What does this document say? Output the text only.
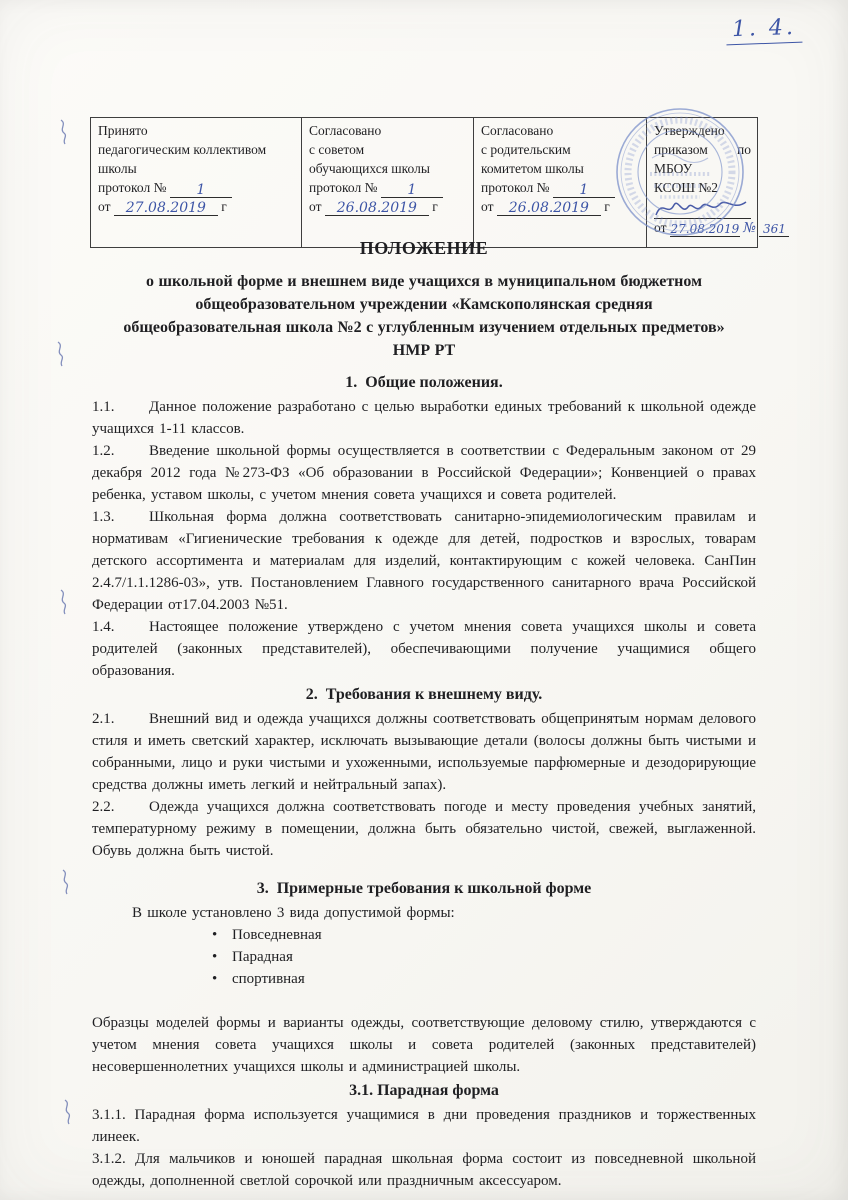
1. 4.
Принято
педагогическим коллективом
школы
протокол № 1
от 27.08.2019 г

Согласовано
с советом
обучающихся школы
протокол № 1
от 26.08.2019 г

Согласовано
с родительским
комитетом школы
протокол № 1
от 26.08.2019 г

Утверждено
приказом по МБОУ
КСОШ №2
от 27.08.2019 № 361
ПОЛОЖЕНИЕ
о школьной форме и внешнем виде учащихся в муниципальном бюджетном общеобразовательном учреждении «Камскополянская средняя общеобразовательная школа №2 с углубленным изучением отдельных предметов» НМР РТ
1.  Общие положения.

1.1. Данное положение разработано с целью выработки единых требований к школьной одежде учащихся 1-11 классов.

1.2. Введение школьной формы осуществляется в соответствии с Федеральным законом от 29 декабря 2012 года №273-ФЗ «Об образовании в Российской Федерации»; Конвенцией о правах ребенка, уставом школы, с учетом мнения совета учащихся и совета родителей.

1.3. Школьная форма должна соответствовать санитарно-эпидемиологическим правилам и нормативам «Гигиенические требования к одежде для детей, подростков и взрослых, товарам детского ассортимента и материалам для изделий, контактирующим с кожей человека. СанПин 2.4.7/1.1.1286-03», утв. Постановлением Главного государственного санитарного врача Российской Федерации от17.04.2003 №51.

1.4. Настоящее положение утверждено с учетом мнения совета учащихся школы и совета родителей (законных представителей), обеспечивающими получение учащимися общего образования.

2.  Требования к внешнему виду.

2.1. Внешний вид и одежда учащихся должны соответствовать общепринятым нормам делового стиля и иметь светский характер, исключать вызывающие детали (волосы должны быть чистыми и собранными, лицо и руки чистыми и ухоженными, используемые парфюмерные и дезодорирующие средства должны иметь легкий и нейтральный запах).

2.2. Одежда учащихся должна соответствовать погоде и месту проведения учебных занятий, температурному режиму в помещении, должна быть обязательно чистой, свежей, выглаженной. Обувь должна быть чистой.

3.  Примерные требования к школьной форме

В школе установлено 3 вида допустимой формы:

• Повседневная
• Парадная
• спортивная

Образцы моделей формы и варианты одежды, соответствующие деловому стилю, утверждаются с учетом мнения совета учащихся школы и совета родителей (законных представителей) несовершеннолетних учащихся школы и администрацией школы.

3.1. Парадная форма

3.1.1. Парадная форма используется учащимися в дни проведения праздников и торжественных линеек.

3.1.2. Для мальчиков и юношей парадная школьная форма состоит из повседневной школьной одежды, дополненной светлой сорочкой или праздничным аксессуаром.
